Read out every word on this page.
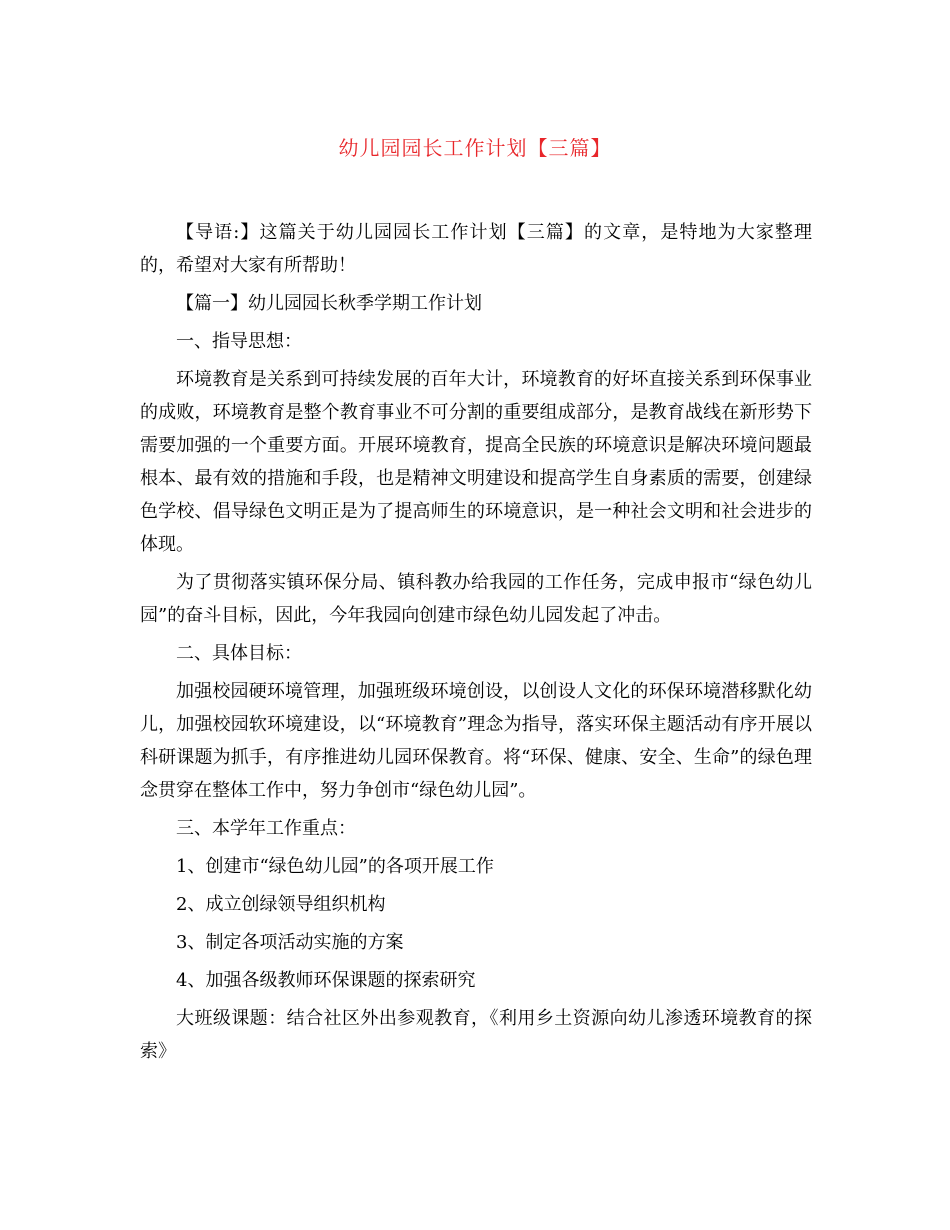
幼儿园园长工作计划【三篇】

【导语:】这篇关于幼儿园园长工作计划【三篇】的文章，是特地为大家整理的，希望对大家有所帮助！

【篇一】幼儿园园长秋季学期工作计划

一、指导思想：

环境教育是关系到可持续发展的百年大计，环境教育的好坏直接关系到环保事业的成败，环境教育是整个教育事业不可分割的重要组成部分，是教育战线在新形势下需要加强的一个重要方面。开展环境教育，提高全民族的环境意识是解决环境问题最根本、最有效的措施和手段，也是精神文明建设和提高学生自身素质的需要，创建绿色学校、倡导绿色文明正是为了提高师生的环境意识，是一种社会文明和社会进步的体现。

为了贯彻落实镇环保分局、镇科教办给我园的工作任务，完成申报市“绿色幼儿园”的奋斗目标，因此，今年我园向创建市绿色幼儿园发起了冲击。

二、具体目标：

加强校园硬环境管理，加强班级环境创设，以创设人文化的环保环境潜移默化幼儿，加强校园软环境建设，以“环境教育”理念为指导，落实环保主题活动有序开展以科研课题为抓手，有序推进幼儿园环保教育。将“环保、健康、安全、生命”的绿色理念贯穿在整体工作中，努力争创市“绿色幼儿园”。

三、本学年工作重点：

1、创建市“绿色幼儿园”的各项开展工作

2、成立创绿领导组织机构

3、制定各项活动实施的方案

4、加强各级教师环保课题的探索研究

大班级课题：结合社区外出参观教育，《利用乡土资源向幼儿渗透环境教育的探索》
